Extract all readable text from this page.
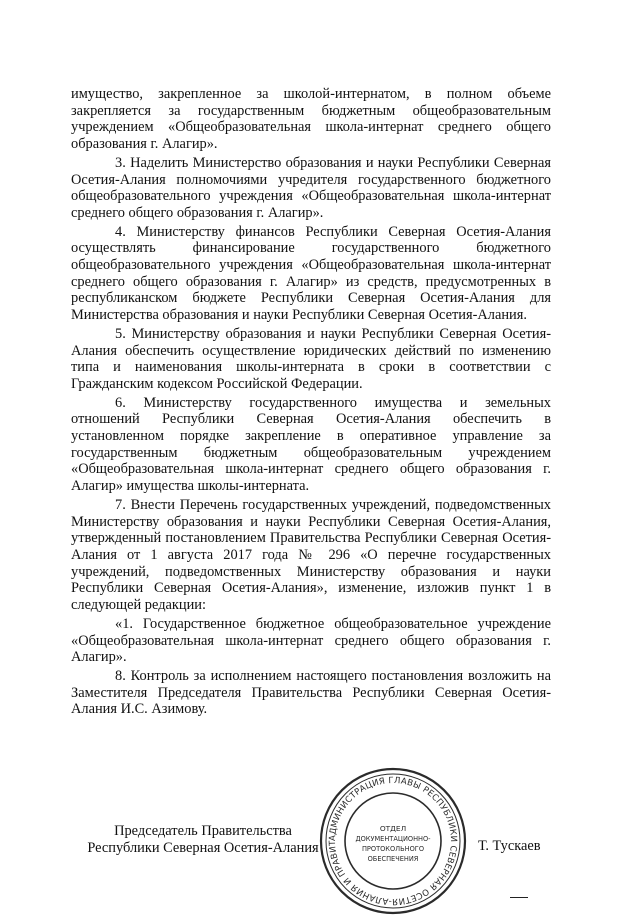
имущество, закрепленное за школой-интернатом, в полном объеме закрепляется за государственным бюджетным общеобразовательным учреждением «Общеобразовательная школа-интернат среднего общего образования г. Алагир».

3. Наделить Министерство образования и науки Республики Северная Осетия-Алания полномочиями учредителя государственного бюджетного общеобразовательного учреждения «Общеобразовательная школа-интернат среднего общего образования г. Алагир».

4. Министерству финансов Республики Северная Осетия-Алания осуществлять финансирование государственного бюджетного общеобразовательного учреждения «Общеобразовательная школа-интернат среднего общего образования г. Алагир» из средств, предусмотренных в республиканском бюджете Республики Северная Осетия-Алания для Министерства образования и науки Республики Северная Осетия-Алания.

5. Министерству образования и науки Республики Северная Осетия-Алания обеспечить осуществление юридических действий по изменению типа и наименования школы-интерната в сроки в соответствии с Гражданским кодексом Российской Федерации.

6. Министерству государственного имущества и земельных отношений Республики Северная Осетия-Алания обеспечить в установленном порядке закрепление в оперативное управление за государственным бюджетным общеобразовательным учреждением «Общеобразовательная школа-интернат среднего общего образования г. Алагир» имущества школы-интерната.

7. Внести Перечень государственных учреждений, подведомственных Министерству образования и науки Республики Северная Осетия-Алания, утвержденный постановлением Правительства Республики Северная Осетия-Алания от 1 августа 2017 года № 296 «О перечне государственных учреждений, подведомственных Министерству образования и науки Республики Северная Осетия-Алания», изменение, изложив пункт 1 в следующей редакции:

«1. Государственное бюджетное общеобразовательное учреждение «Общеобразовательная школа-интернат среднего общего образования г. Алагир».

8. Контроль за исполнением настоящего постановления возложить на Заместителя Председателя Правительства Республики Северная Осетия-Алания И.С. Азимову.

Председатель Правительства
Республики Северная Осетия-Алания
АДМИНИСТРАЦИЯ ГЛАВЫ РЕСПУБЛИКИ СЕВЕРНАЯ ОСЕТИЯ-АЛАНИЯ И ПРАВИТ
ОТДЕЛ
ДОКУМЕНТАЦИОННО-
ПРОТОКОЛЬНОГО
ОБЕСПЕЧЕНИЯ
Т. Тускаев
